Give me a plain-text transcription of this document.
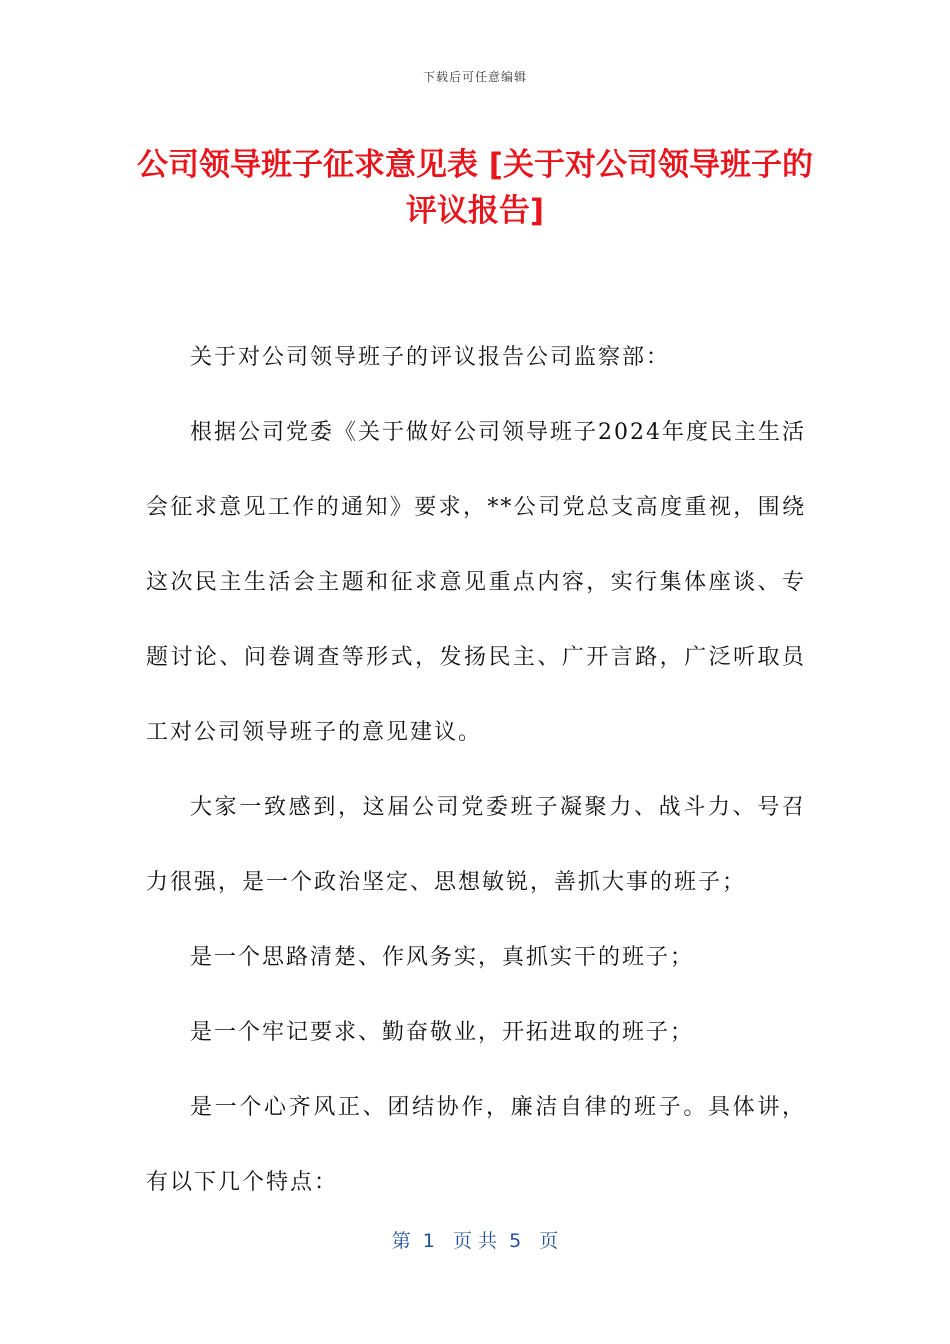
下载后可任意编辑
公司领导班子征求意见表 [关于对公司领导班子的评议报告]

关于对公司领导班子的评议报告公司监察部：

根据公司党委《关于做好公司领导班子2024年度民主生活会征求意见工作的通知》要求，**公司党总支高度重视，围绕这次民主生活会主题和征求意见重点内容，实行集体座谈、专题讨论、问卷调查等形式，发扬民主、广开言路，广泛听取员工对公司领导班子的意见建议。

大家一致感到，这届公司党委班子凝聚力、战斗力、号召力很强，是一个政治坚定、思想敏锐，善抓大事的班子；

是一个思路清楚、作风务实，真抓实干的班子；

是一个牢记要求、勤奋敬业，开拓进取的班子；

是一个心齐风正、团结协作，廉洁自律的班子。具体讲，有以下几个特点：

第  1   页 共  5   页
